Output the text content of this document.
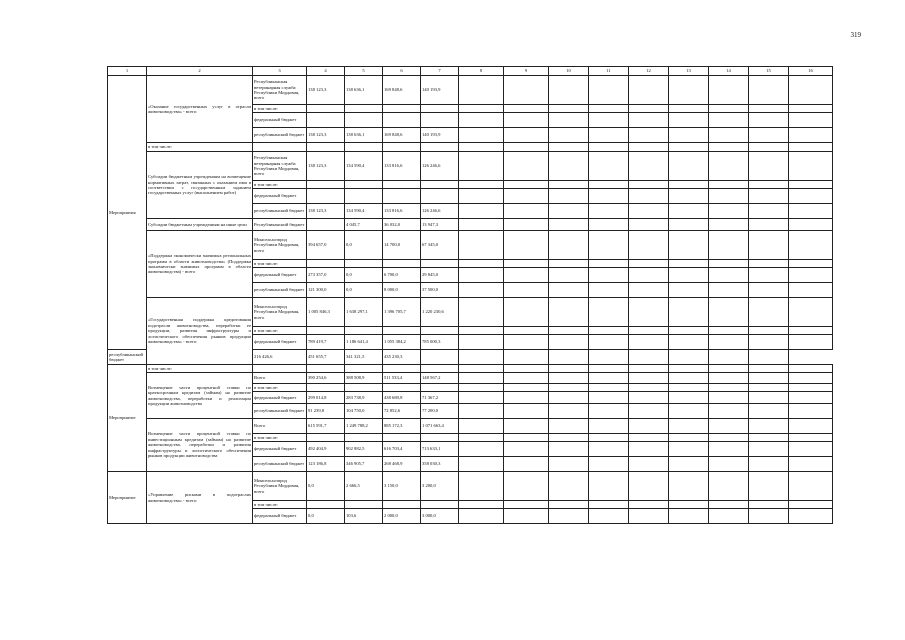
319
1	2	3	4	5	6	7	8	9	10	11	12	13	14	15	16
Мероприятия	«Оказание государственных услуг в отрасли животноводства» - всего:	Республиканская ветеринарная служба Республики Мордовия, всего	138 123,3	138 636,1	169 848,6	140 193,9									
		в том числе:													
		федеральный бюджет													
		республиканский бюджет	138 123,3	138 636,1	169 848,6	140 193,9									
	в том числе:														
	Субсидии бюджетным учреждениям на возмещение нормативных затрат, связанных с оказанием ими в соответствии с государственным заданием государственных услуг (выполнением работ)	Республиканская ветеринарная служба Республики Мордовия, всего	138 123,3	134 590,4	133 816,6	126 246,6									
		в том числе:													
		федеральный бюджет													
		республиканский бюджет	138 123,3	134 590,4	133 816,6	126 246,6									
	Субсидии бюджетным учреждениям на иные цели	Республиканский бюджет		4 045,7	36 032,0	13 947,3									
	«Поддержка экономически значимых региональных программ в области животноводства» (Поддержка экономически значимых программ в области животноводства) - всего	Минсельхозпрод Республики Мордовия, всего	394 657,0	0,0	14 700,0	67 345,0									
		в том числе:													
		федеральный бюджет	273 357,0	0,0	6 700,0	29 845,0									
		республиканский бюджет	121 300,0	0,0	8 000,0	37 500,0									
	«Государственная поддержка кредитования подотрасли животноводства, переработки ее продукции, развития инфраструктуры и логистического обеспечения рынков продукции животноводства» - всего:	Минсельхозпрод Республики Мордовия, всего	1 005 846,3	1 638 297,1	1 396 705,7	1 220 230,6									
		в том числе:													
		федеральный бюджет	789 419,7	1 186 641,4	1 055 384,2	785 000,3									
республиканский бюджет		216 426,6	451 655,7	341 321,5	435 230,3										
Мероприятие	в том числе:														
	Возмещение части процентной ставки по краткосрочным кредитам (займам) на развитие животноводства, переработки и реализации продукции животноводства	Всего	390 254,6	388 508,9	511 533,4	148 567,2									
		в том числе:													
		федеральный бюджет	299 014,8	283 738,9	438 680,8	71 367,2									
		республиканский бюджет	91 239,8	104 750,0	72 852,6	77 200,0									
	Возмещение части процентной ставки по инвестиционным кредитам (займам) на развитие животноводства, переработки и развития инфраструктуры и логистического обеспечения рынков продукции животноводства	Всего	615 591,7	1 249 788,2	885 172,3	1 071 663,4									
		в том числе:													
		федеральный бюджет	492 404,9	902 882,5	616 703,4	713 633,1									
		республиканский бюджет	123 186,8	346 905,7	268 468,9	358 030,3									
Мероприятие	«Управление рисками в подотраслях животноводства» - всего:	Минсельхозпрод Республики Мордовия, всего	0,0	2 666,5	3 150,0	3 200,0									
		в том числе:													
		федеральный бюджет	0,0	103,6	2 000,0	3 000,0									
